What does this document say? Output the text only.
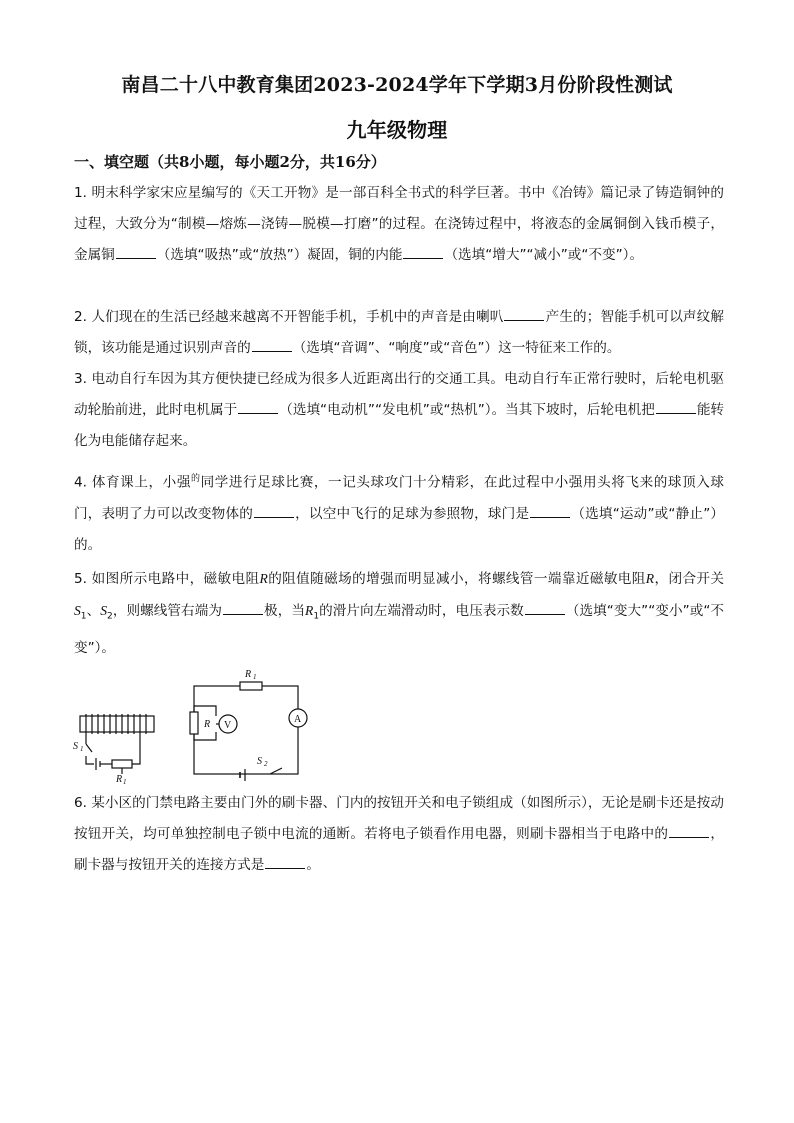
南昌二十八中教育集团2023-2024学年下学期3月份阶段性测试
九年级物理
一、填空题（共8小题，每小题2分，共16分）
1. 明末科学家宋应星编写的《天工开物》是一部百科全书式的科学巨著。书中《冶铸》篇记录了铸造铜钟的过程，大致分为“制模—熔炼—浇铸—脱模—打磨”的过程。在浇铸过程中，将液态的金属铜倒入钱币模子，金属铜	（选填“吸热”或“放热”）凝固，铜的内能	（选填“增大”“减小”或“不变”）。
2. 人们现在的生活已经越来越离不开智能手机，手机中的声音是由喇叭	产生的；智能手机可以声纹解锁，该功能是通过识别声音的	（选填“音调”、“响度”或“音色”）这一特征来工作的。
3. 电动自行车因为其方便快捷已经成为很多人近距离出行的交通工具。电动自行车正常行驶时，后轮电机驱动轮胎前进，此时电机属于	（选填“电动机”“发电机”或“热机”）。当其下坡时，后轮电机把	能转化为电能储存起来。
4. 体育课上，小强$^的$同学进行足球比赛，一记头球攻门十分精彩，在此过程中小强用头将飞来的球顶入球门，表明了力可以改变物体的	，以空中飞行的足球为参照物，球门是	（选填“运动”或“静止”）的。
5. 如图所示电路中，磁敏电阻R的阻值随磁场的增强而明显减小，将螺线管一端靠近磁敏电阻R，闭合开关$S_1$、$S_2$，则螺线管右端为	极，当$R_1$的滑片向左端滑动时，电压表示数	（选填“变大”“变小”或“不变”）。
R 1
R V
A
S 2
S 1
R 1
6. 某小区的门禁电路主要由门外的刷卡器、门内的按钮开关和电子锁组成（如图所示），无论是刷卡还是按动按钮开关，均可单独控制电子锁中电流的通断。若将电子锁看作用电器，则刷卡器相当于电路中的	，刷卡器与按钮开关的连接方式是	。
